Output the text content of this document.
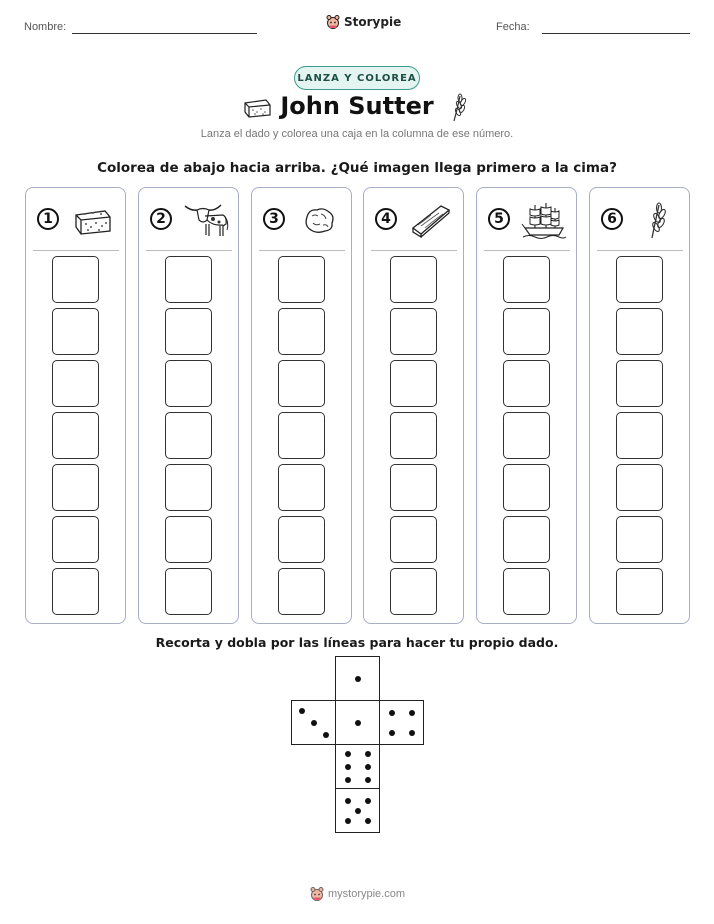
Nombre:	Storypie	Fecha:
LANZA Y COLOREA
John Sutter
Lanza el dado y colorea una caja en la columna de ese número.
Colorea de abajo hacia arriba. ¿Qué imagen llega primero a la cima?
1	2	3	4	5	6
Recorta y dobla por las líneas para hacer tu propio dado.
mystorypie.com
